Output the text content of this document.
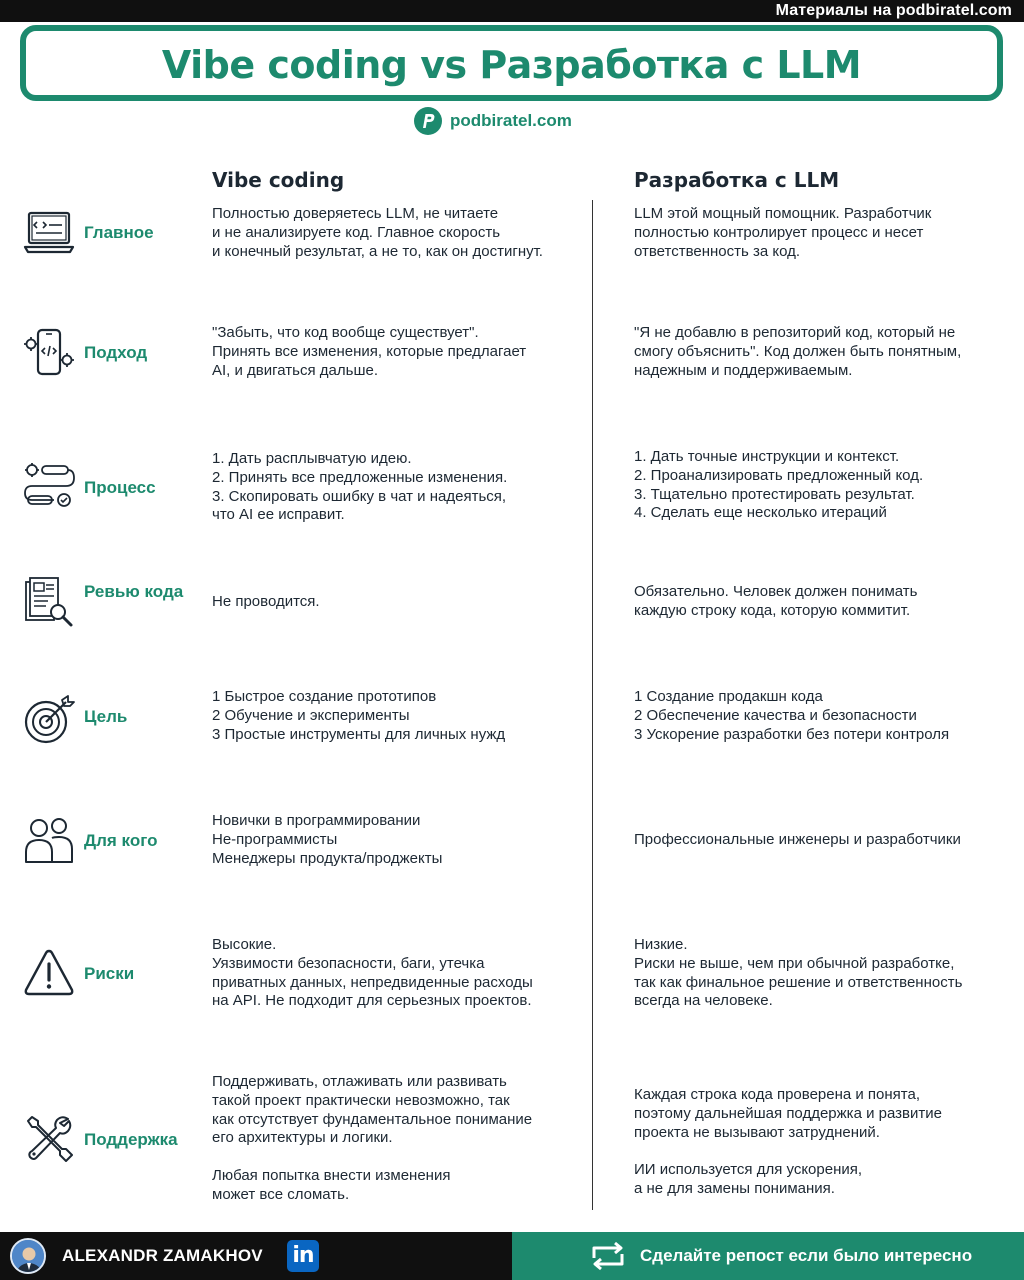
Материалы на podbiratel.com
Vibe coding vs Разработка с LLM
podbiratel.com
Vibe coding	Разработка с LLM
Главное
Полностью доверяетесь LLM, не читаете
и не анализируете код. Главное скорость
и конечный результат, а не то, как он достигнут.
LLM этой мощный помощник. Разработчик
полностью контролирует процесс и несет
ответственность за код.
Подход
"Забыть, что код вообще существует".
Принять все изменения, которые предлагает
AI, и двигаться дальше.
"Я не добавлю в репозиторий код, который не
смогу объяснить". Код должен быть понятным,
надежным и поддерживаемым.
Процесс
1. Дать расплывчатую идею.
2. Принять все предложенные изменения.
3. Скопировать ошибку в чат и надеяться,
что AI ее исправит.
1. Дать точные инструкции и контекст.
2. Проанализировать предложенный код.
3. Тщательно протестировать результат.
4. Сделать еще несколько итераций
Ревью кода
Не проводится.
Обязательно. Человек должен понимать
каждую строку кода, которую коммитит.
Цель
1 Быстрое создание прототипов
2 Обучение и эксперименты
3 Простые инструменты для личных нужд
1 Создание продакшн кода
2 Обеспечение качества и безопасности
3 Ускорение разработки без потери контроля
Для кого
Новички в программировании
Не-программисты
Менеджеры продукта/проджекты
Профессиональные инженеры и разработчики
Риски
Высокие.
Уязвимости безопасности, баги, утечка
приватных данных, непредвиденные расходы
на API. Не подходит для серьезных проектов.
Низкие.
Риски не выше, чем при обычной разработке,
так как финальное решение и ответственность
всегда на человеке.
Поддержка
Поддерживать, отлаживать или развивать
такой проект практически невозможно, так
как отсутствует фундаментальное понимание
его архитектуры и логики.

Любая попытка внести изменения
может все сломать.
Каждая строка кода проверена и понята,
поэтому дальнейшая поддержка и развитие
проекта не вызывают затруднений.

ИИ используется для ускорения,
а не для замены понимания.
ALEXANDR ZAMAKHOV in	Сделайте репост если было интересно
